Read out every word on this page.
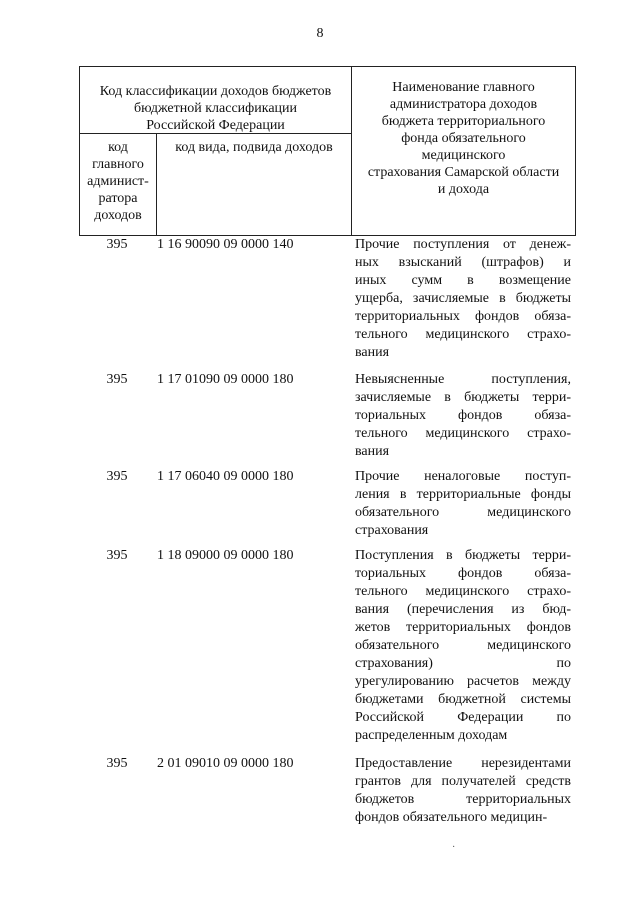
8
Код классификации доходов бюджетов
бюджетной классификации
Российской Федерации
код
главного
админист-
ратора
доходов
код вида, подвида доходов
Наименование главного
администратора доходов
бюджета территориального
фонда обязательного
медицинского
страхования Самарской области
и дохода
395	1 16 90090 09 0000 140	Прочие поступления от денеж-
ных взысканий (штрафов) и
иных сумм в возмещение
ущерба, зачисляемые в бюджеты
территориальных фондов обяза-
тельного медицинского страхо-
вания
395	1 17 01090 09 0000 180	Невыясненные поступления,
зачисляемые в бюджеты терри-
ториальных фондов обяза-
тельного медицинского страхо-
вания
395	1 17 06040 09 0000 180	Прочие неналоговые поступ-
ления в территориальные фонды
обязательного медицинского
страхования
395	1 18 09000 09 0000 180	Поступления в бюджеты терри-
ториальных фондов обяза-
тельного медицинского страхо-
вания (перечисления из бюд-
жетов территориальных фондов
обязательного медицинского
страхования) по
урегулированию расчетов между
бюджетами бюджетной системы
Российской Федерации по
распределенным доходам
395	2 01 09010 09 0000 180	Предоставление нерезидентами
грантов для получателей средств
бюджетов территориальных
фондов обязательного медицин-
·
